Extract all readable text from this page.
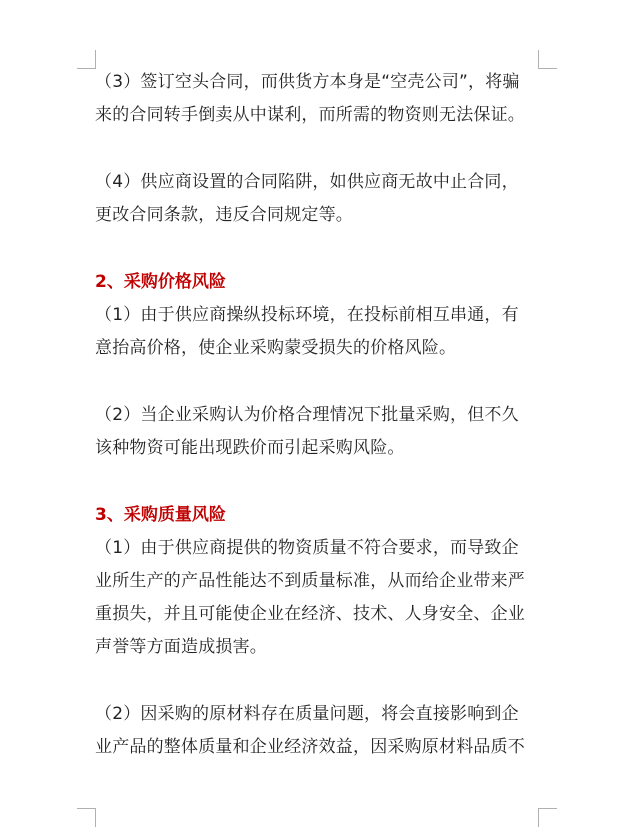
（3）签订空头合同，而供货方本身是“空壳公司”，将骗
来的合同转手倒卖从中谋利，而所需的物资则无法保证。
（4）供应商设置的合同陷阱，如供应商无故中止合同，
更改合同条款，违反合同规定等。
2、采购价格风险
（1）由于供应商操纵投标环境，在投标前相互串通，有
意抬高价格，使企业采购蒙受损失的价格风险。
（2）当企业采购认为价格合理情况下批量采购，但不久
该种物资可能出现跌价而引起采购风险。
3、采购质量风险
（1）由于供应商提供的物资质量不符合要求，而导致企
业所生产的产品性能达不到质量标准，从而给企业带来严
重损失，并且可能使企业在经济、技术、人身安全、企业
声誉等方面造成损害。
（2）因采购的原材料存在质量问题，将会直接影响到企
业产品的整体质量和企业经济效益，因采购原材料品质不
